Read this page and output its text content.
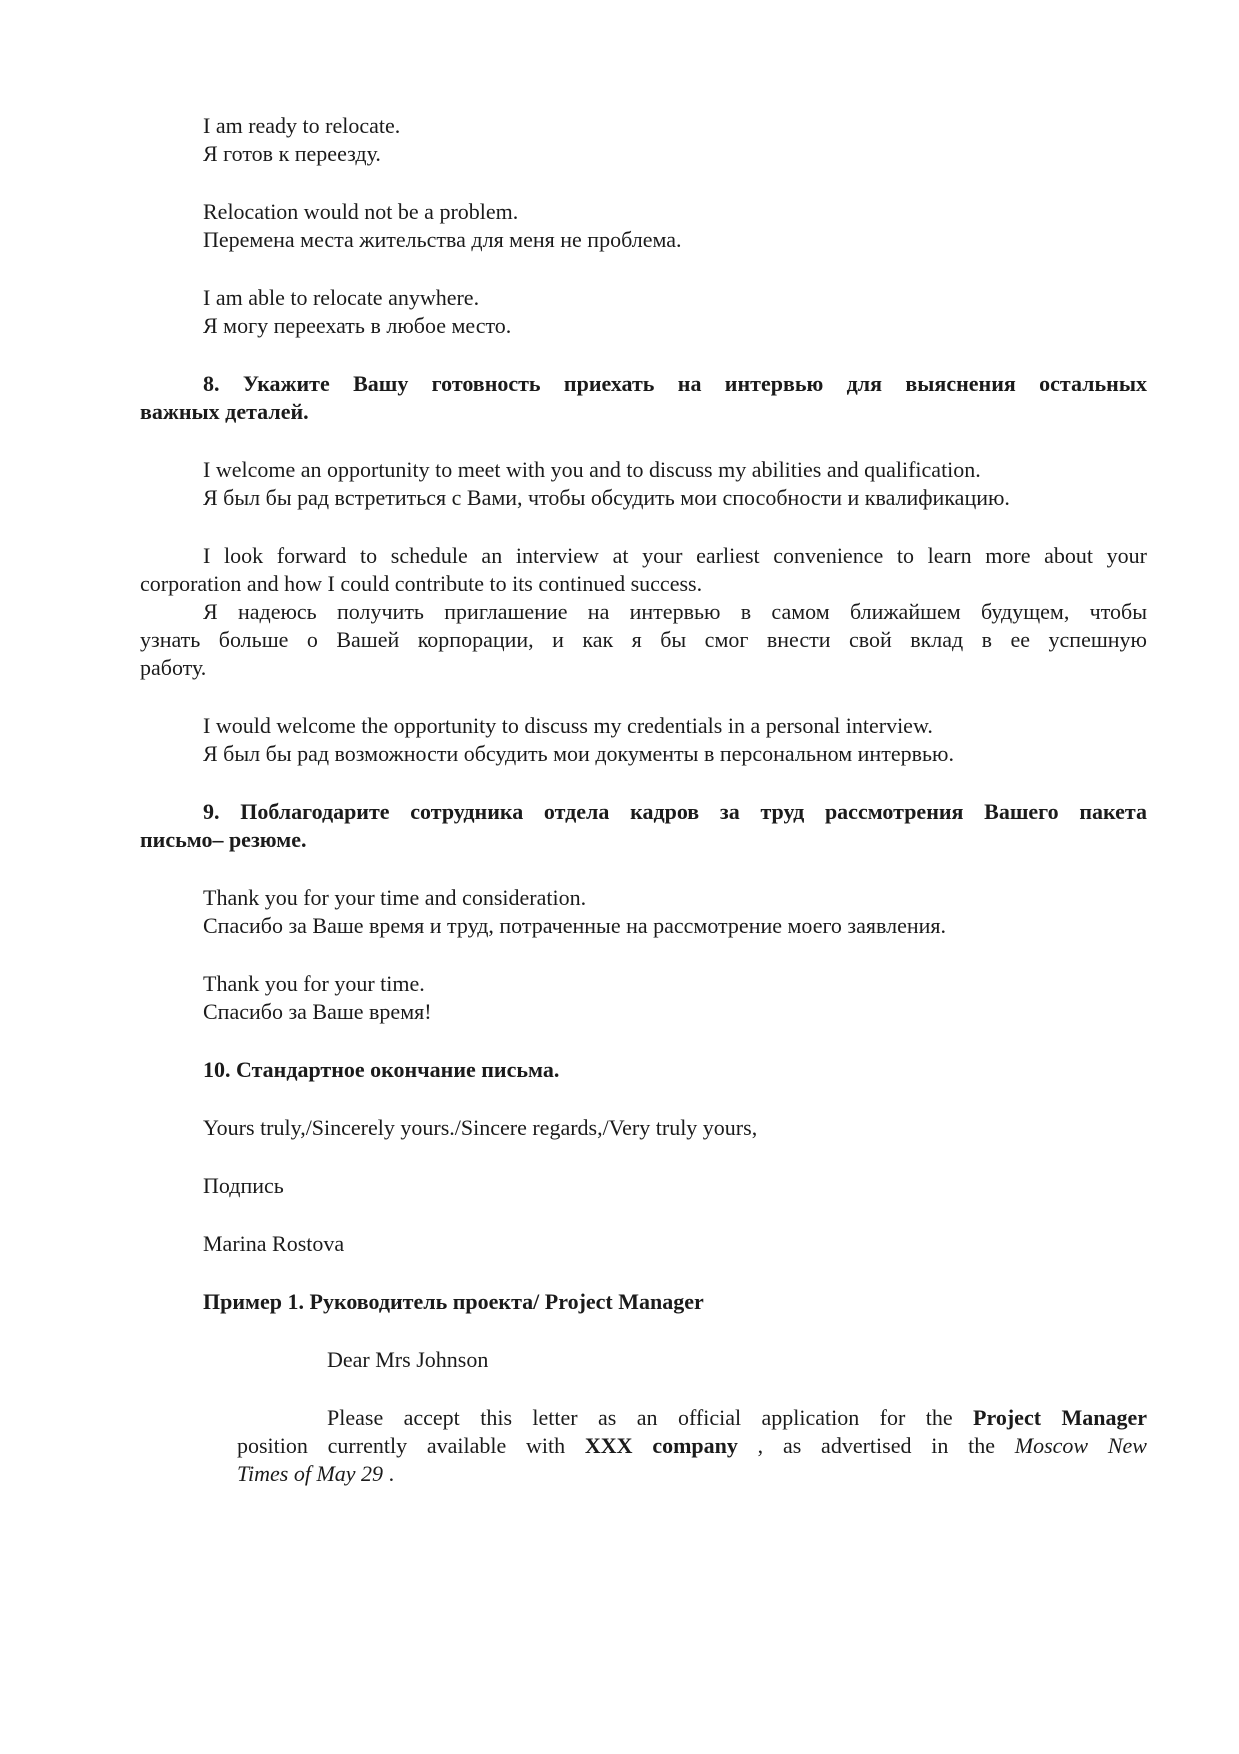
I am ready to relocate.
Я готов к переезду.
Relocation would not be a problem.
Перемена места жительства для меня не проблема.
I am able to relocate anywhere.
Я могу переехать в любое место.
8. Укажите Вашу готовность приехать на интервью для выяснения остальных
важных деталей.
I welcome an opportunity to meet with you and to discuss my abilities and qualification.
Я был бы рад встретиться с Вами, чтобы обсудить мои способности и квалификацию.
I look forward to schedule an interview at your earliest convenience to learn more about your
corporation and how I could contribute to its continued success.
Я надеюсь получить приглашение на интервью в самом ближайшем будущем, чтобы
узнать больше о Вашей корпорации, и как я бы смог внести свой вклад в ее успешную
работу.
I would welcome the opportunity to discuss my credentials in a personal interview.
Я был бы рад возможности обсудить мои документы в персональном интервью.
9. Поблагодарите сотрудника отдела кадров за труд рассмотрения Вашего пакета
письмо– резюме.
Thank you for your time and consideration.
Спасибо за Ваше время и труд, потраченные на рассмотрение моего заявления.
Thank you for your time.
Спасибо за Ваше время!
10. Стандартное окончание письма.
Yours truly,/Sincerely yours./Sincere regards,/Very truly yours,
Подпись
Marina Rostova
Пример 1. Руководитель проекта/ Project Manager
Dear Mrs Johnson
Please accept this letter as an official application for the Project Manager
position currently available with XXX company , as advertised in the Moscow New
Times of May 29 .
